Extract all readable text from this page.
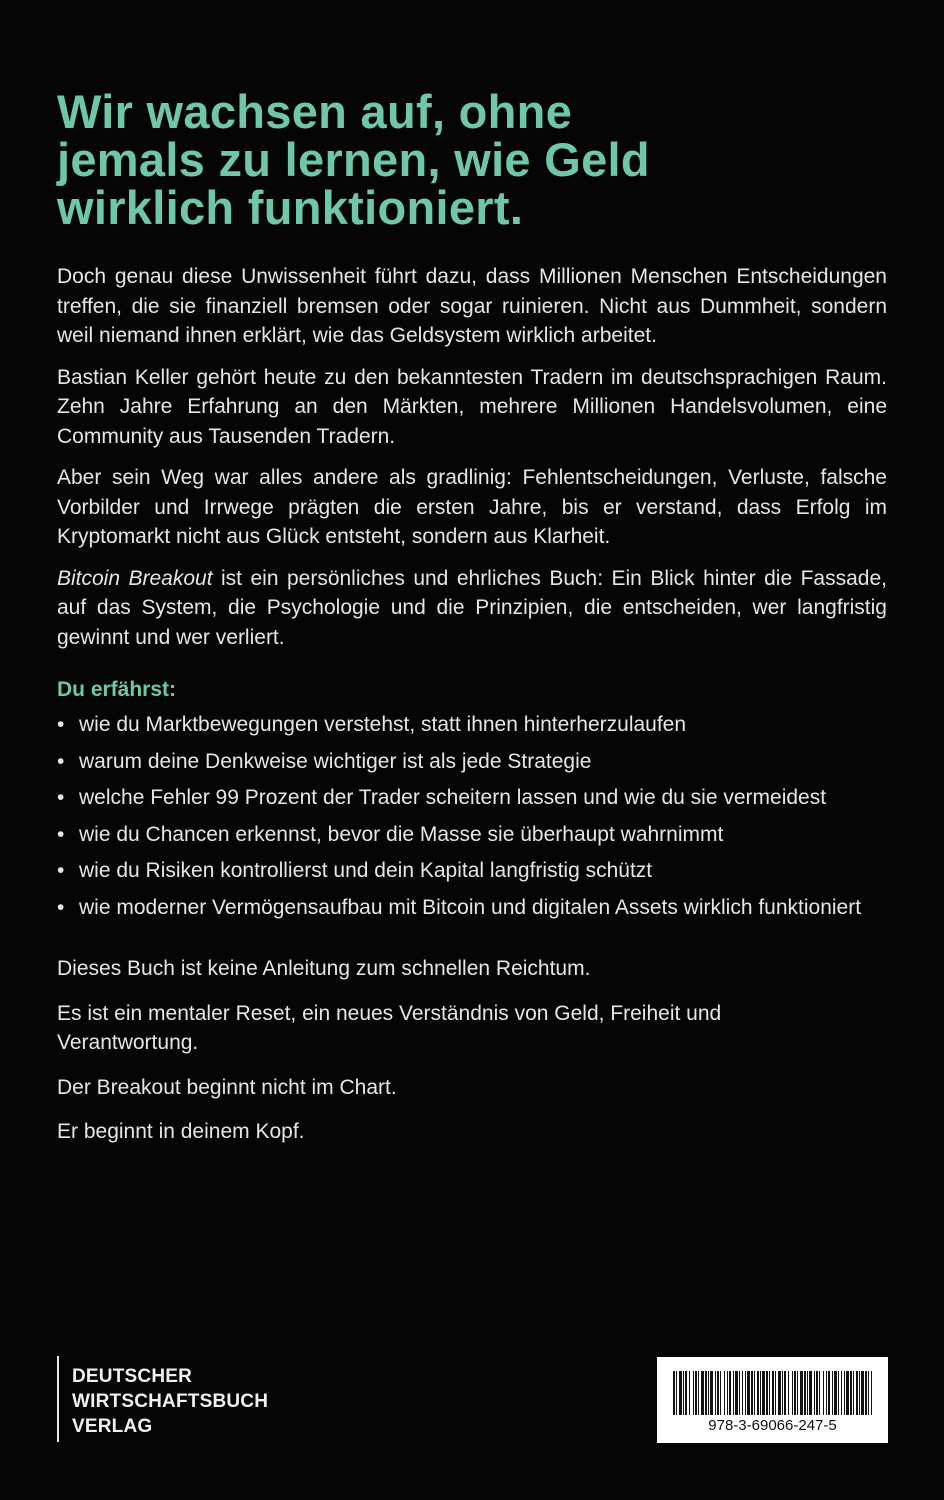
Wir wachsen auf, ohne
jemals zu lernen, wie Geld
wirklich funktioniert.

Doch genau diese Unwissenheit führt dazu, dass Millionen Menschen Entscheidungen treffen, die sie finanziell bremsen oder sogar ruinieren. Nicht aus Dummheit, sondern weil niemand ihnen erklärt, wie das Geldsystem wirklich arbeitet.

Bastian Keller gehört heute zu den bekanntesten Tradern im deutschsprachigen Raum. Zehn Jahre Erfahrung an den Märkten, mehrere Millionen Handelsvolumen, eine Community aus Tausenden Tradern.

Aber sein Weg war alles andere als gradlinig: Fehlentscheidungen, Verluste, falsche Vorbilder und Irrwege prägten die ersten Jahre, bis er verstand, dass Erfolg im Kryptomarkt nicht aus Glück entsteht, sondern aus Klarheit.

Bitcoin Breakout ist ein persönliches und ehrliches Buch: Ein Blick hinter die Fassade, auf das System, die Psychologie und die Prinzipien, die entscheiden, wer langfristig gewinnt und wer verliert.

Du erfährst:
• wie du Marktbewegungen verstehst, statt ihnen hinterherzulaufen
• warum deine Denkweise wichtiger ist als jede Strategie
• welche Fehler 99 Prozent der Trader scheitern lassen und wie du sie vermeidest
• wie du Chancen erkennst, bevor die Masse sie überhaupt wahrnimmt
• wie du Risiken kontrollierst und dein Kapital langfristig schützt
• wie moderner Vermögensaufbau mit Bitcoin und digitalen Assets wirklich funktioniert

Dieses Buch ist keine Anleitung zum schnellen Reichtum.

Es ist ein mentaler Reset, ein neues Verständnis von Geld, Freiheit und Verantwortung.

Der Breakout beginnt nicht im Chart.

Er beginnt in deinem Kopf.

DEUTSCHER
WIRTSCHAFTSBUCH
VERLAG	978-3-69066-247-5
